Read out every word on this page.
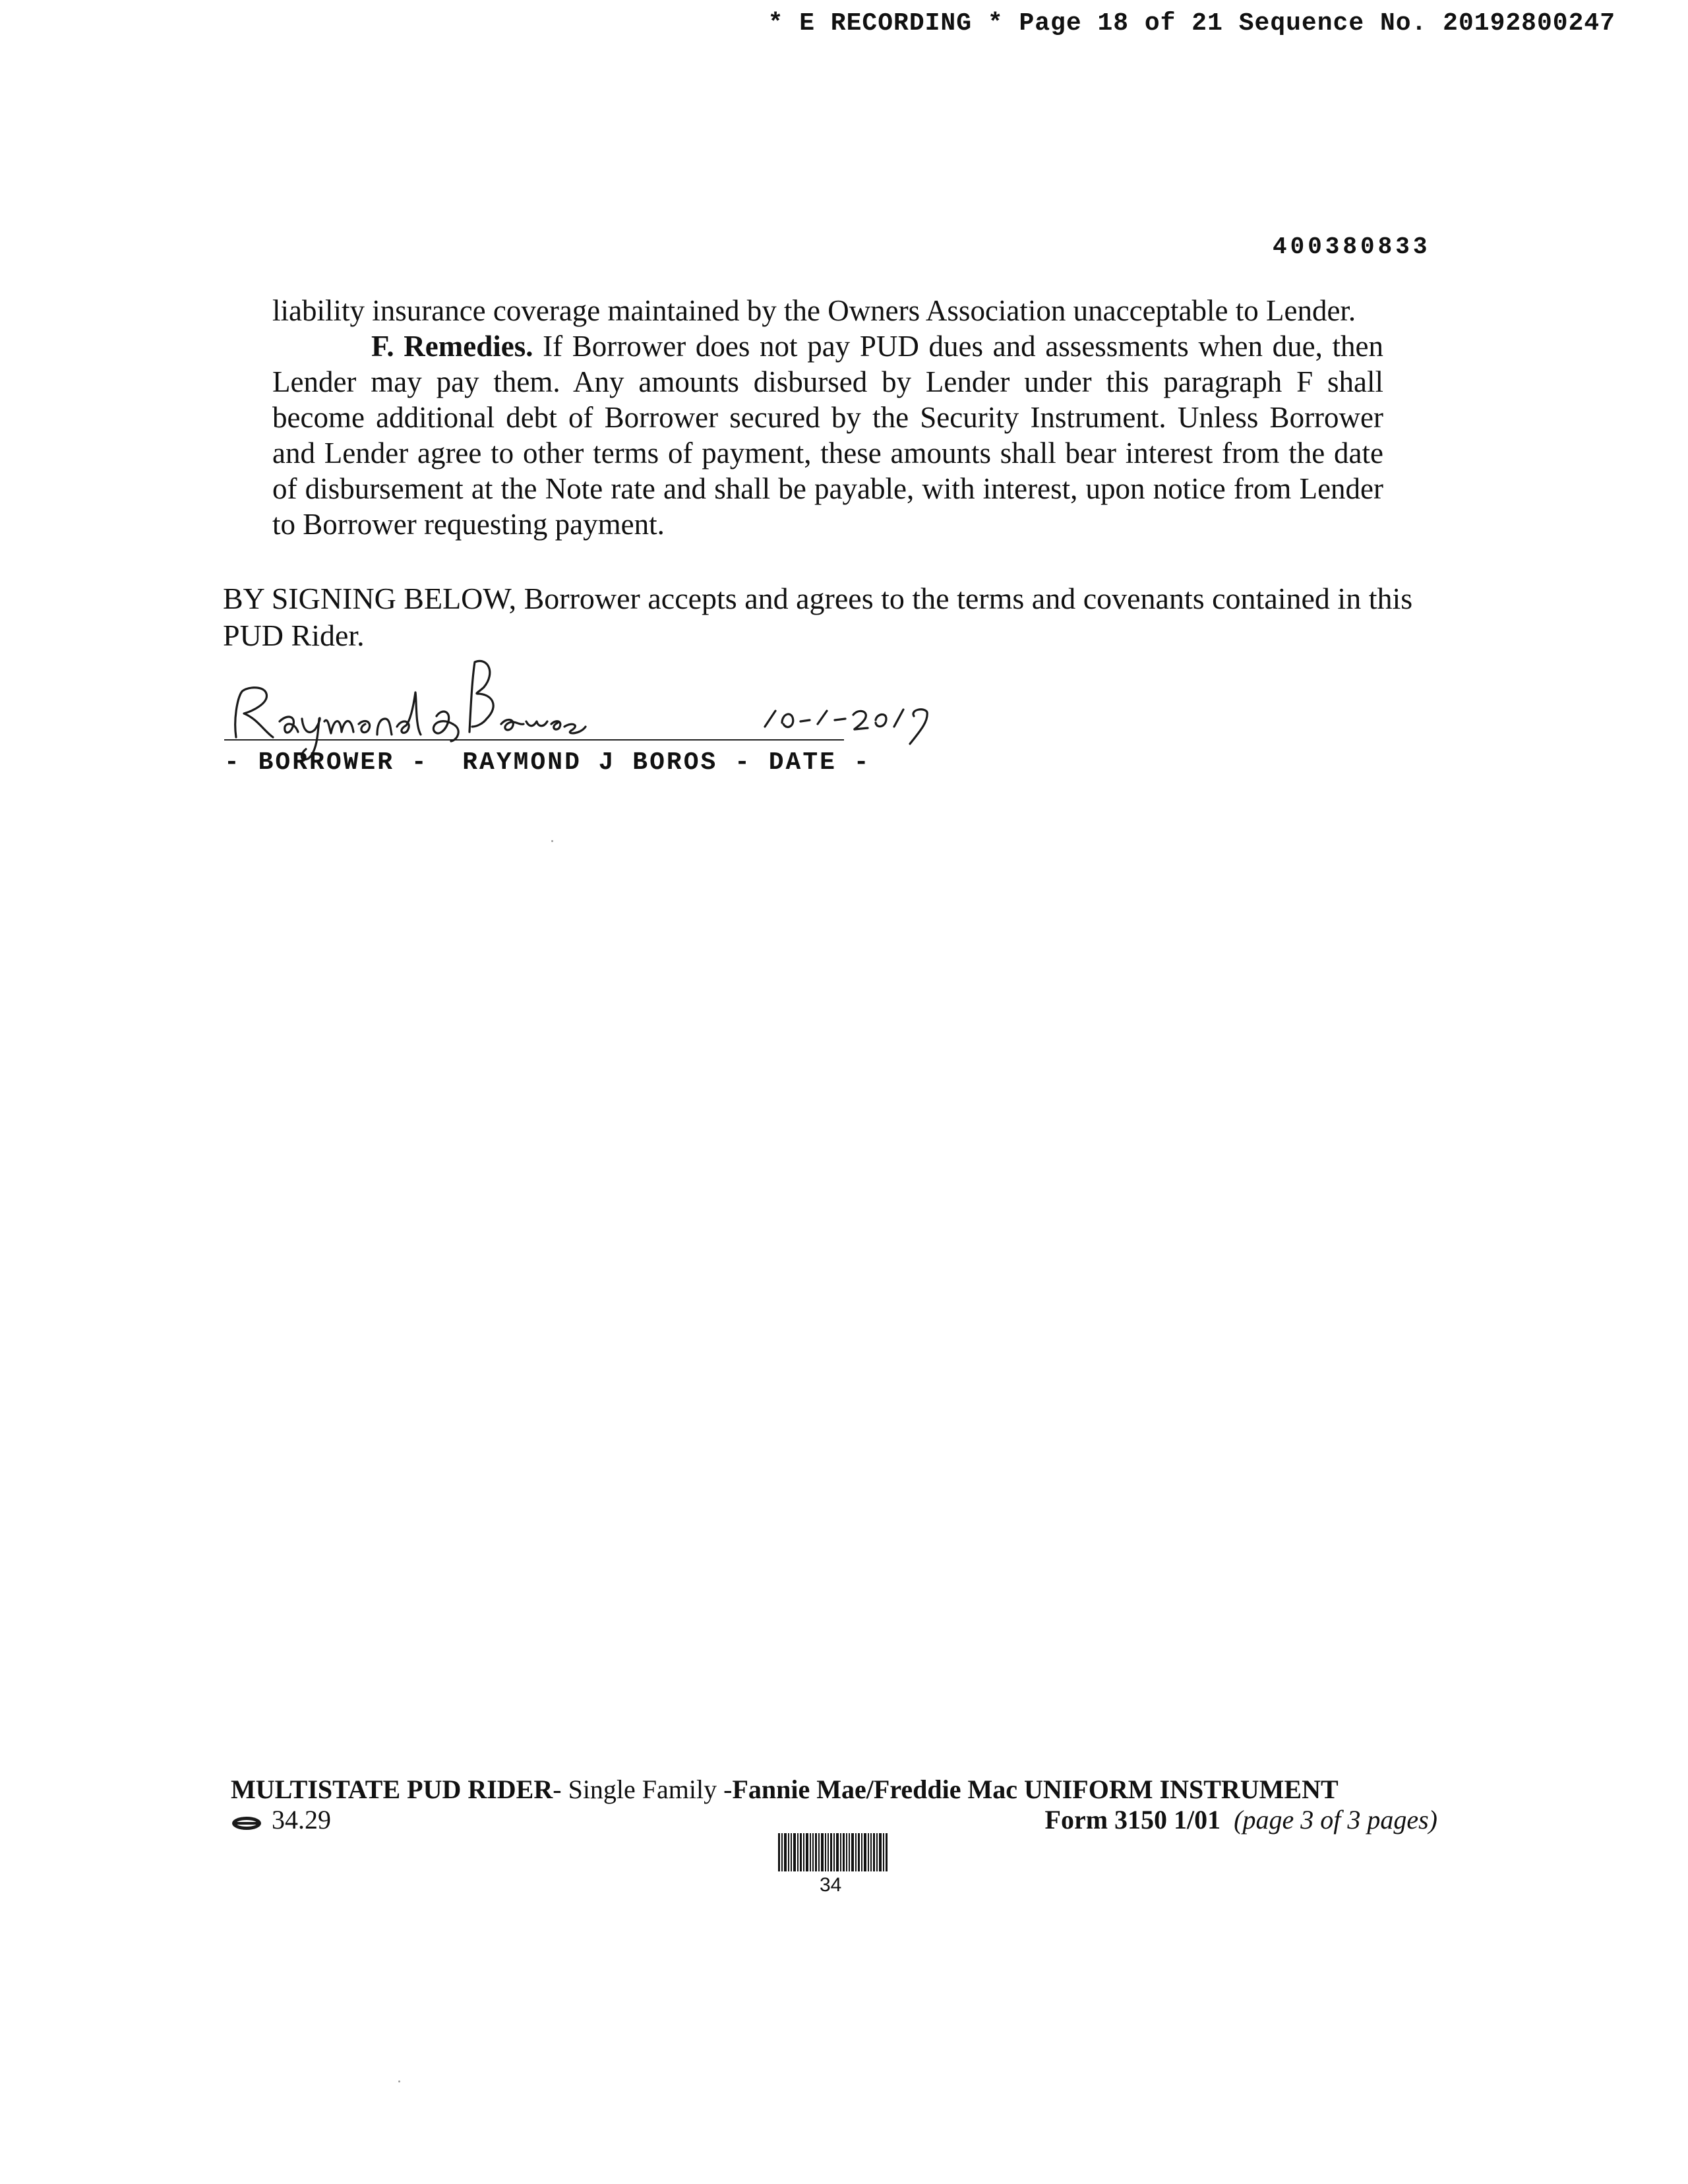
* E RECORDING * Page 18 of 21 Sequence No. 20192800247
400380833

liability insurance coverage maintained by the Owners Association unacceptable to Lender.

F. Remedies. If Borrower does not pay PUD dues and assessments when due, then Lender may pay them. Any amounts disbursed by Lender under this paragraph F shall become additional debt of Borrower secured by the Security Instrument. Unless Borrower and Lender agree to other terms of payment, these amounts shall bear interest from the date of disbursement at the Note rate and shall be payable, with interest, upon notice from Lender to Borrower requesting payment.

BY SIGNING BELOW, Borrower accepts and agrees to the terms and covenants contained in this PUD Rider.
- BORROWER -  RAYMOND J BOROS - DATE -
MULTISTATE PUD RIDER- Single Family -Fannie Mae/Freddie Mac UNIFORM INSTRUMENT
34.29	Form 3150 1/01 (page 3 of 3 pages)
34
